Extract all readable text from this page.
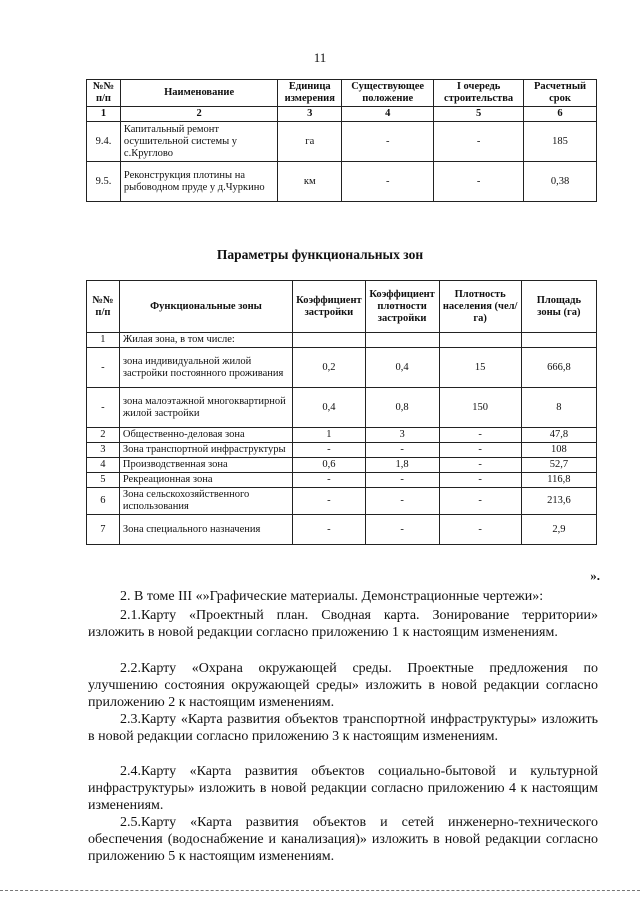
11
№№ п/п	Наименование	Единица измерения	Существующее положение	I очередь строительства	Расчетный срок
1	2	3	4	5	6
9.4.	Капитальный ремонт осушительной системы у с.Круглово	га	-	-	185
9.5.	Реконструкция плотины на рыбоводном пруде у д.Чуркино	км	-	-	0,38
Параметры функциональных зон
№№ п/п	Функциональные зоны	Коэффициент застройки	Коэффициент плотности застройки	Плотность населения (чел/га)	Площадь зоны (га)
1	Жилая зона, в том числе:				
-	зона индивидуальной жилой застройки постоянного проживания	0,2	0,4	15	666,8
-	зона малоэтажной многоквартирной жилой застройки	0,4	0,8	150	8
2	Общественно-деловая зона	1	3	-	47,8
3	Зона транспортной инфраструктуры	-	-	-	108
4	Производственная зона	0,6	1,8	-	52,7
5	Рекреационная зона	-	-	-	116,8
6	Зона сельскохозяйственного использования	-	-	-	213,6
7	Зона специального назначения	-	-	-	2,9
».
2. В томе III «»Графические материалы. Демонстрационные чертежи»:
2.1.Карту «Проектный план. Сводная карта. Зонирование территории» изложить в новой редакции согласно приложению 1 к настоящим изменениям.
2.2.Карту «Охрана окружающей среды. Проектные предложения по улучшению состояния окружающей среды» изложить в новой редакции согласно приложению 2 к настоящим изменениям.
2.3.Карту «Карта развития объектов транспортной инфраструктуры» изложить в новой редакции согласно приложению 3 к настоящим изменениям.
2.4.Карту «Карта развития объектов социально-бытовой и культурной инфраструктуры» изложить в новой редакции согласно приложению 4 к настоящим изменениям.
2.5.Карту «Карта развития объектов и сетей инженерно-технического обеспечения (водоснабжение и канализация)» изложить в новой редакции согласно приложению 5 к настоящим изменениям.
